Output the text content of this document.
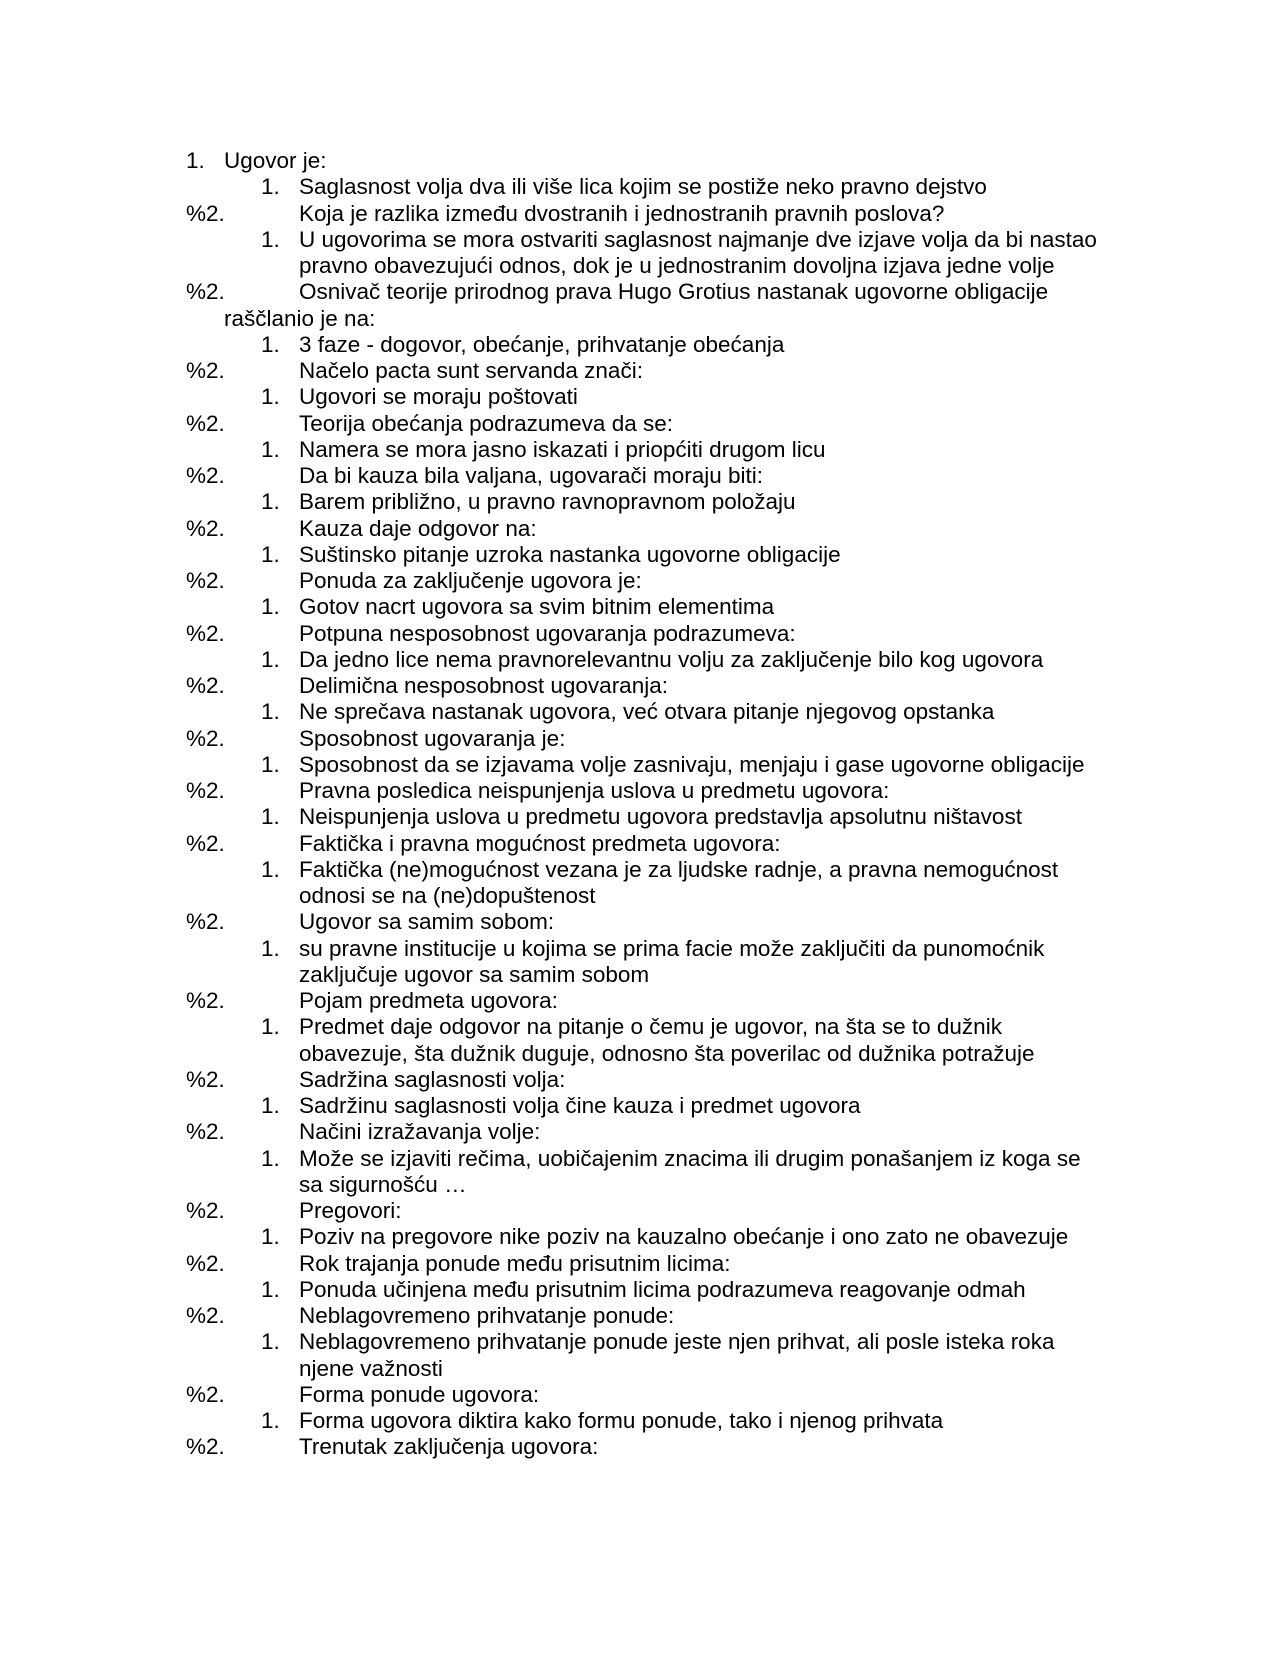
1. Ugovor je:
1. Saglasnost volja dva ili više lica kojim se postiže neko pravno dejstvo
%2.	Koja je razlika između dvostranih i jednostranih pravnih poslova?
1. U ugovorima se mora ostvariti saglasnost najmanje dve izjave volja da bi nastao
pravno obavezujući odnos, dok je u jednostranim dovoljna izjava jedne volje
%2.	Osnivač teorije prirodnog prava Hugo Grotius nastanak ugovorne obligacije
raščlanio je na:
1. 3 faze - dogovor, obećanje, prihvatanje obećanja
%2.	Načelo pacta sunt servanda znači:
1. Ugovori se moraju poštovati
%2.	Teorija obećanja podrazumeva da se:
1. Namera se mora jasno iskazati i priopćiti drugom licu
%2.	Da bi kauza bila valjana, ugovarači moraju biti:
1. Barem približno, u pravno ravnopravnom položaju
%2.	Kauza daje odgovor na:
1. Suštinsko pitanje uzroka nastanka ugovorne obligacije
%2.	Ponuda za zaključenje ugovora je:
1. Gotov nacrt ugovora sa svim bitnim elementima
%2.	Potpuna nesposobnost ugovaranja podrazumeva:
1. Da jedno lice nema pravnorelevantnu volju za zaključenje bilo kog ugovora
%2.	Delimična nesposobnost ugovaranja:
1. Ne sprečava nastanak ugovora, već otvara pitanje njegovog opstanka
%2.	Sposobnost ugovaranja je:
1. Sposobnost da se izjavama volje zasnivaju, menjaju i gase ugovorne obligacije
%2.	Pravna posledica neispunjenja uslova u predmetu ugovora:
1. Neispunjenja uslova u predmetu ugovora predstavlja apsolutnu ništavost
%2.	Faktička i pravna mogućnost predmeta ugovora:
1. Faktička (ne)mogućnost vezana je za ljudske radnje, a pravna nemogućnost
odnosi se na (ne)dopuštenost
%2.	Ugovor sa samim sobom:
1. su pravne institucije u kojima se prima facie može zaključiti da punomoćnik
zaključuje ugovor sa samim sobom
%2.	Pojam predmeta ugovora:
1. Predmet daje odgovor na pitanje o čemu je ugovor, na šta se to dužnik
obavezuje, šta dužnik duguje, odnosno šta poverilac od dužnika potražuje
%2.	Sadržina saglasnosti volja:
1. Sadržinu saglasnosti volja čine kauza i predmet ugovora
%2.	Načini izražavanja volje:
1. Može se izjaviti rečima, uobičajenim znacima ili drugim ponašanjem iz koga se
sa sigurnošću …
%2.	Pregovori:
1. Poziv na pregovore nike poziv na kauzalno obećanje i ono zato ne obavezuje
%2.	Rok trajanja ponude među prisutnim licima:
1. Ponuda učinjena među prisutnim licima podrazumeva reagovanje odmah
%2.	Neblagovremeno prihvatanje ponude:
1. Neblagovremeno prihvatanje ponude jeste njen prihvat, ali posle isteka roka
njene važnosti
%2.	Forma ponude ugovora:
1. Forma ugovora diktira kako formu ponude, tako i njenog prihvata
%2.	Trenutak zaključenja ugovora:
